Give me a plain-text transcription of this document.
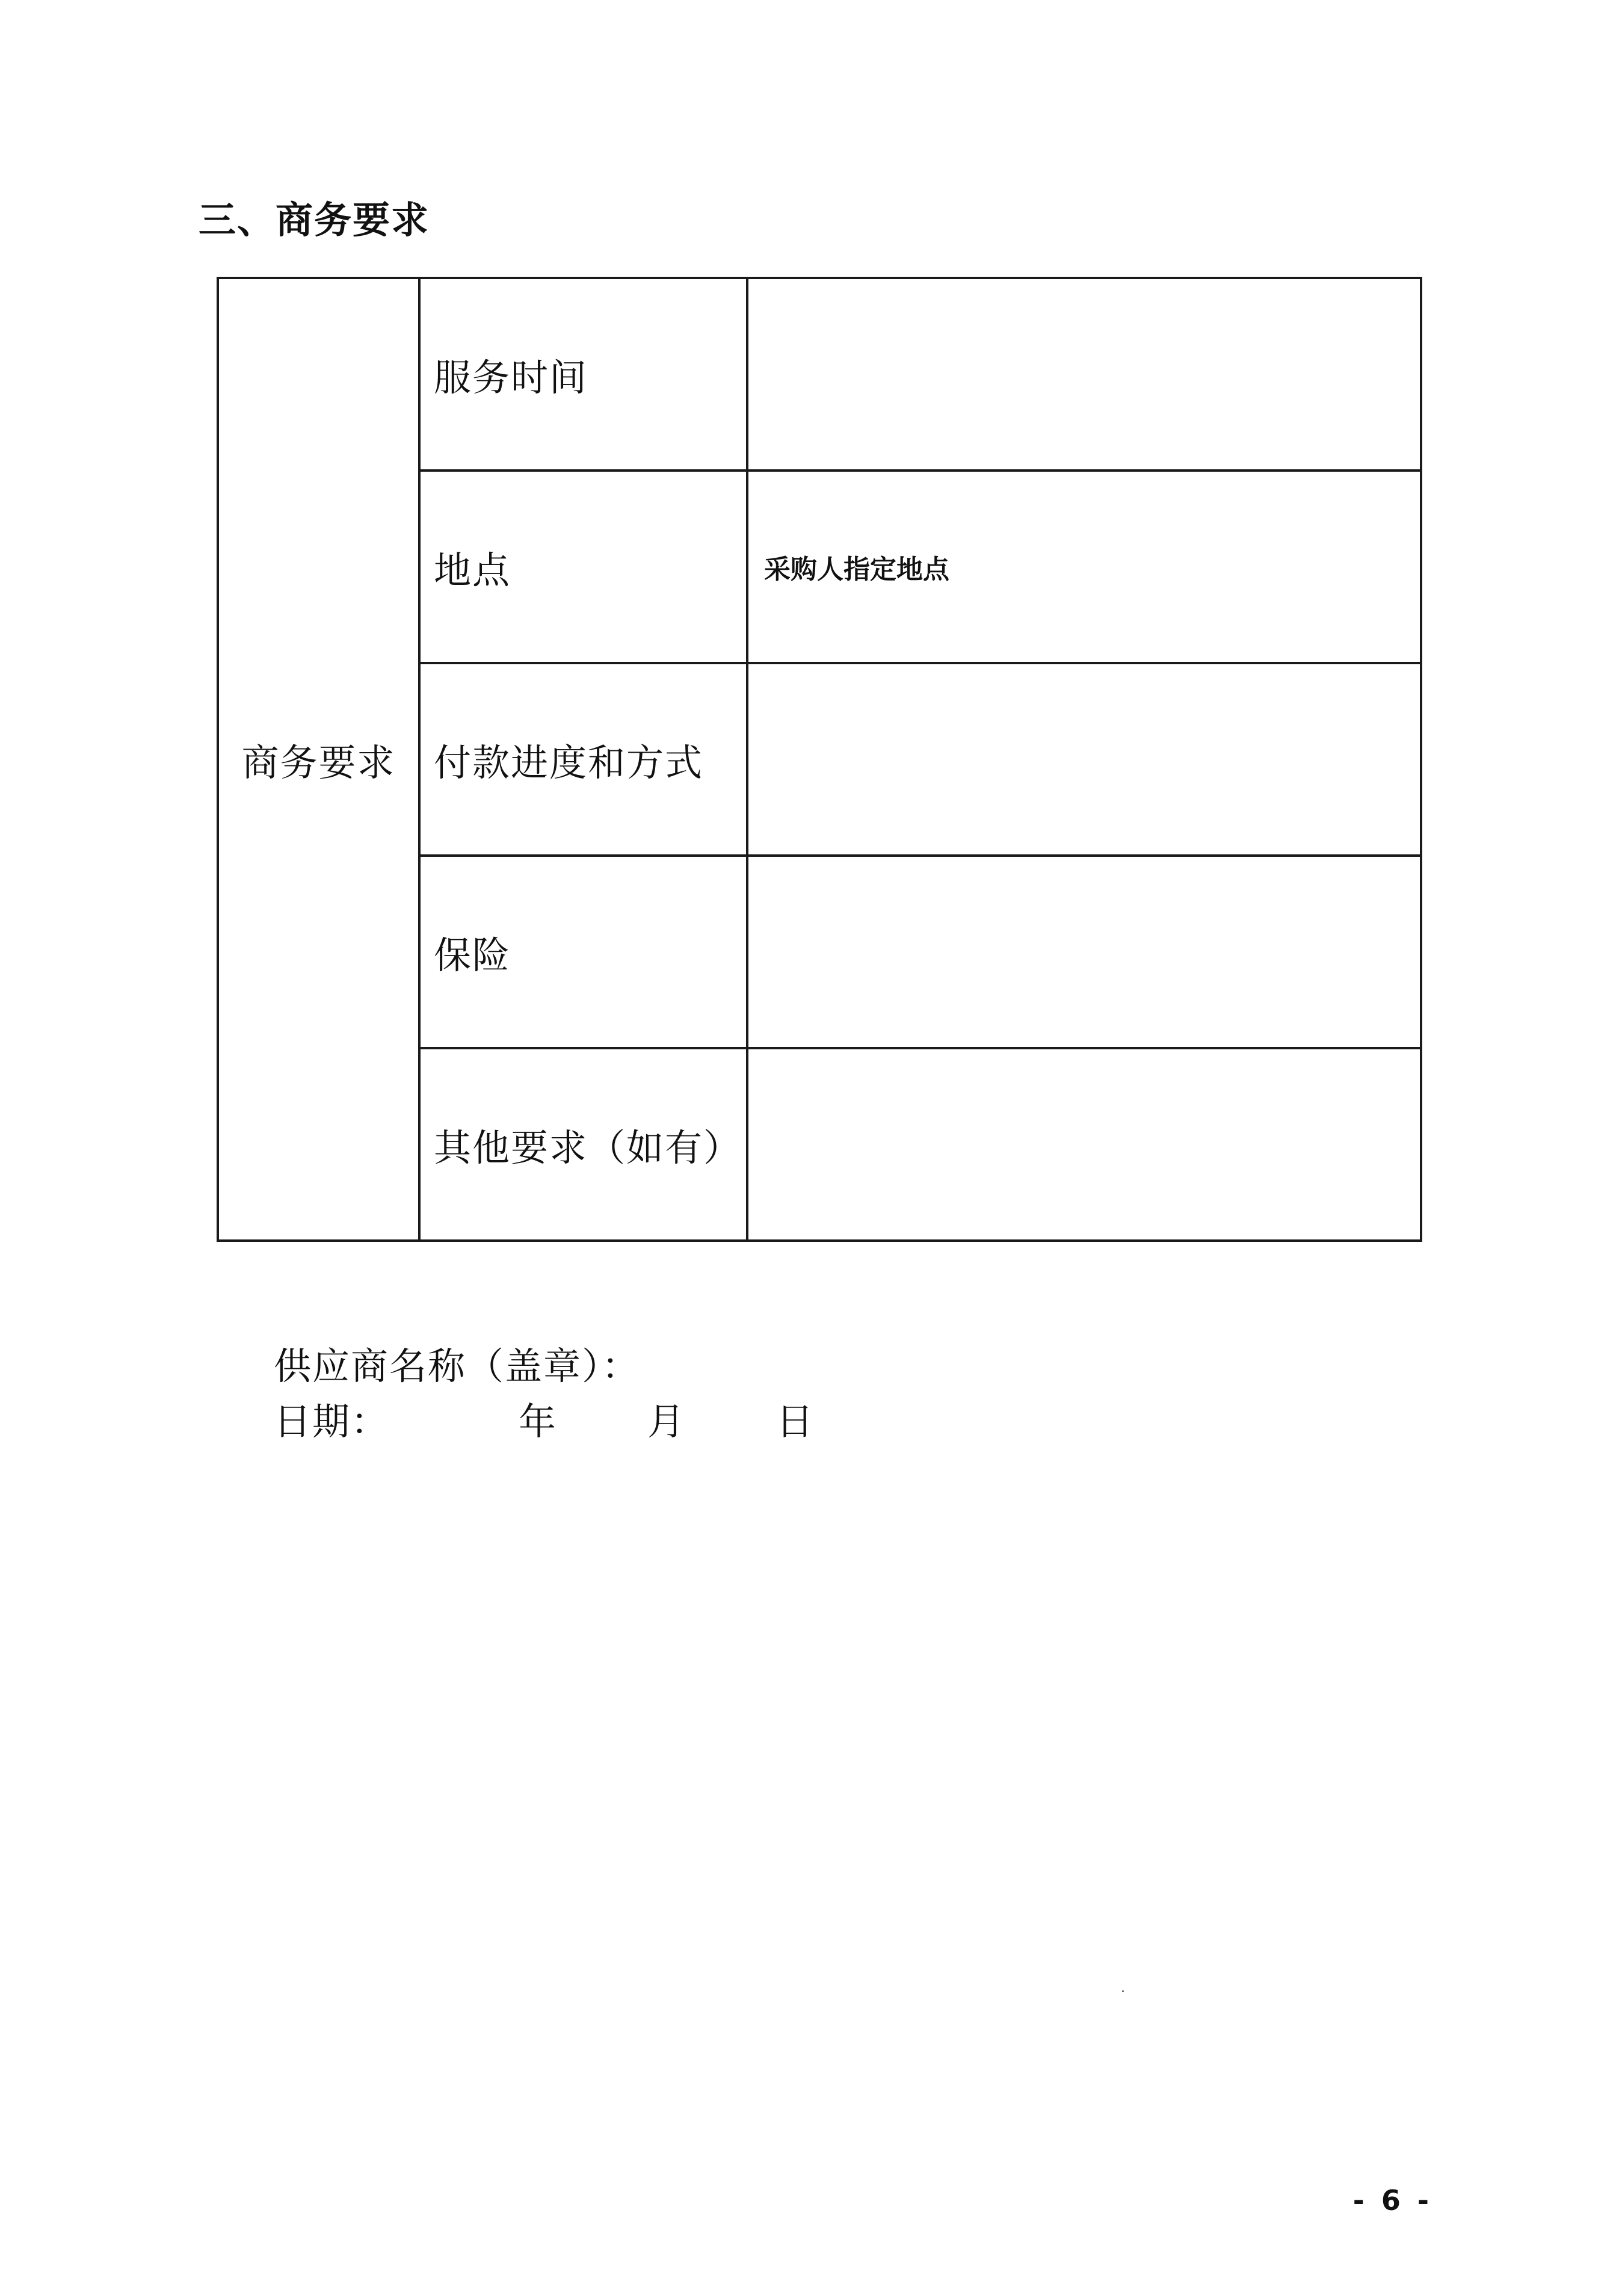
三、商务要求
商务要求	服务时间	
	地点	采购人指定地点
	付款进度和方式	
	保险	
	其他要求（如有）	
供应商名称（盖章）：
日期：	年 月 日
- 6 -
